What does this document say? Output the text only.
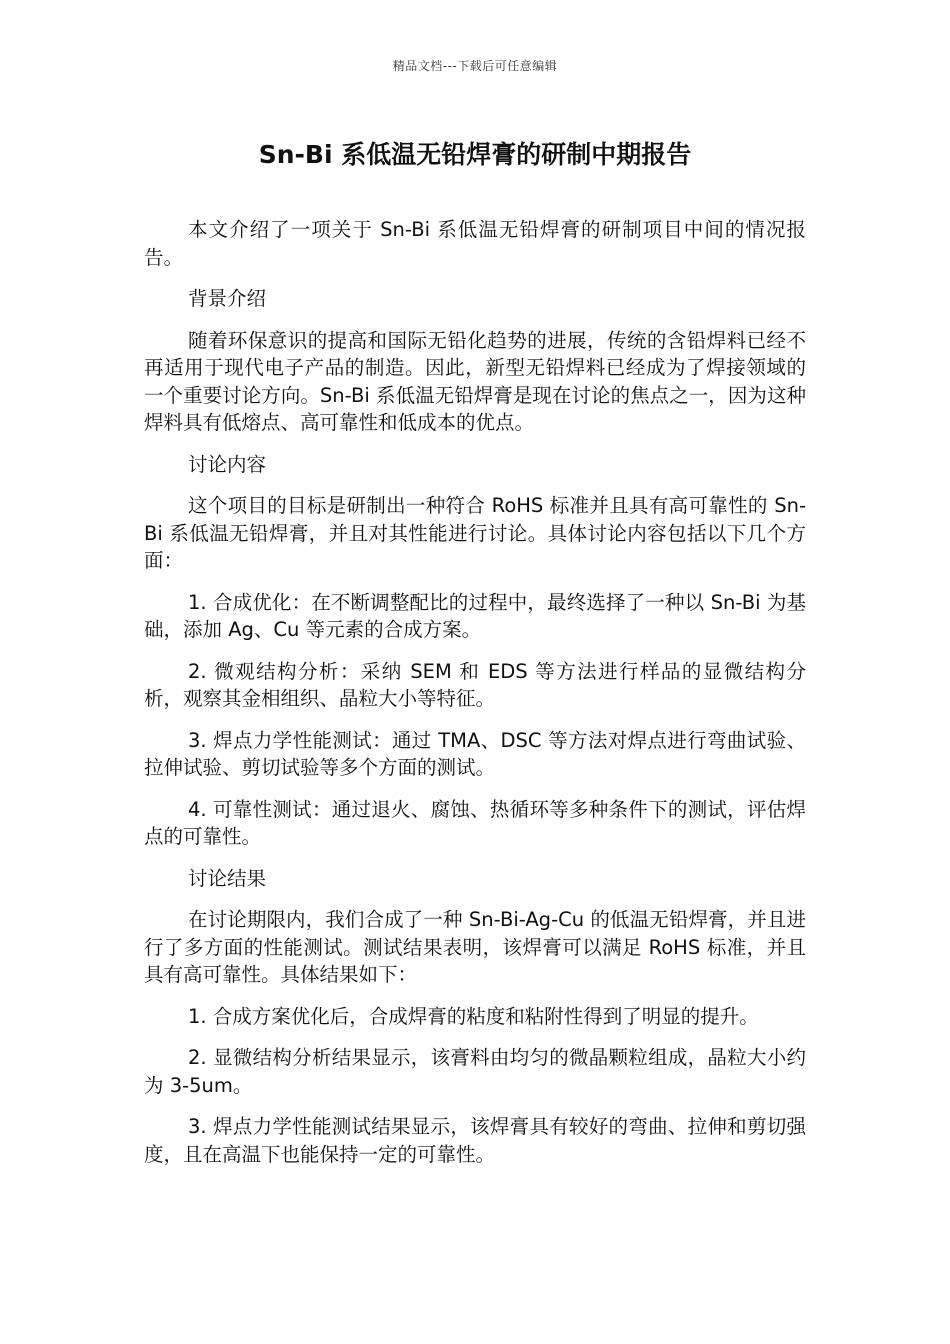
精品文档---下载后可任意编辑
Sn-Bi 系低温无铅焊膏的研制中期报告

本文介绍了一项关于 Sn-Bi 系低温无铅焊膏的研制项目中间的情况报告。

背景介绍

随着环保意识的提高和国际无铅化趋势的进展，传统的含铅焊料已经不再适用于现代电子产品的制造。因此，新型无铅焊料已经成为了焊接领域的一个重要讨论方向。Sn-Bi 系低温无铅焊膏是现在讨论的焦点之一，因为这种焊料具有低熔点、高可靠性和低成本的优点。

讨论内容

这个项目的目标是研制出一种符合 RoHS 标准并且具有高可靠性的 Sn-Bi 系低温无铅焊膏，并且对其性能进行讨论。具体讨论内容包括以下几个方面：

1. 合成优化：在不断调整配比的过程中，最终选择了一种以 Sn-Bi 为基础，添加 Ag、Cu 等元素的合成方案。

2. 微观结构分析：采纳 SEM 和 EDS 等方法进行样品的显微结构分析，观察其金相组织、晶粒大小等特征。

3. 焊点力学性能测试：通过 TMA、DSC 等方法对焊点进行弯曲试验、拉伸试验、剪切试验等多个方面的测试。

4. 可靠性测试：通过退火、腐蚀、热循环等多种条件下的测试，评估焊点的可靠性。

讨论结果

在讨论期限内，我们合成了一种 Sn-Bi-Ag-Cu 的低温无铅焊膏，并且进行了多方面的性能测试。测试结果表明，该焊膏可以满足 RoHS 标准，并且具有高可靠性。具体结果如下：

1. 合成方案优化后，合成焊膏的粘度和粘附性得到了明显的提升。

2. 显微结构分析结果显示，该膏料由均匀的微晶颗粒组成，晶粒大小约为 3-5um。

3. 焊点力学性能测试结果显示，该焊膏具有较好的弯曲、拉伸和剪切强度，且在高温下也能保持一定的可靠性。
